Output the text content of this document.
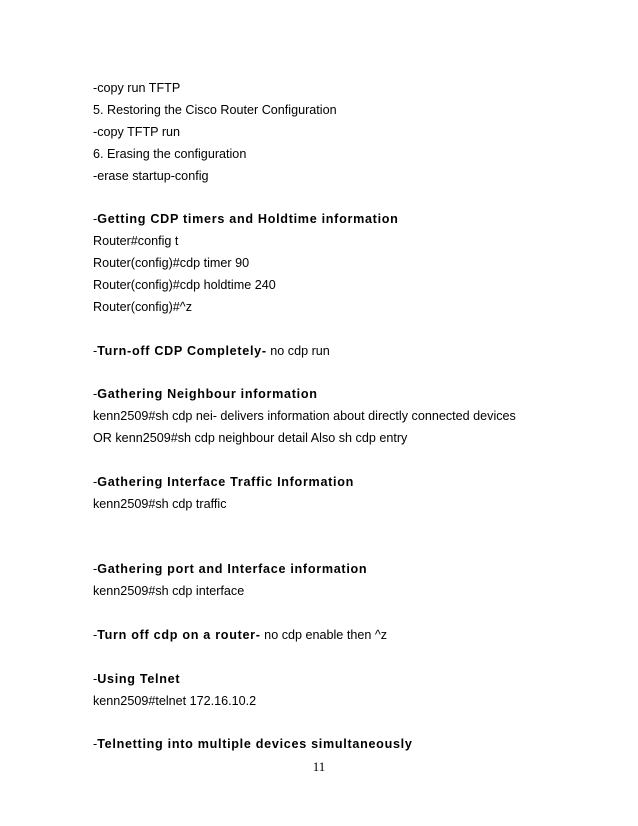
-copy run TFTP
5. Restoring the Cisco Router Configuration
-copy TFTP run
6. Erasing the configuration
-erase startup-config
-Getting CDP timers and Holdtime information
Router#config t
Router(config)#cdp timer 90
Router(config)#cdp holdtime 240
Router(config)#^z
-Turn-off CDP Completely- no cdp run
-Gathering Neighbour information
kenn2509#sh cdp nei- delivers information about directly connected devices
OR kenn2509#sh cdp neighbour detail Also sh cdp entry
-Gathering Interface Traffic Information
kenn2509#sh cdp traffic
-Gathering port and Interface information
kenn2509#sh cdp interface
-Turn off cdp on a router- no cdp enable then ^z
-Using Telnet
kenn2509#telnet 172.16.10.2
-Telnetting into multiple devices simultaneously
11
